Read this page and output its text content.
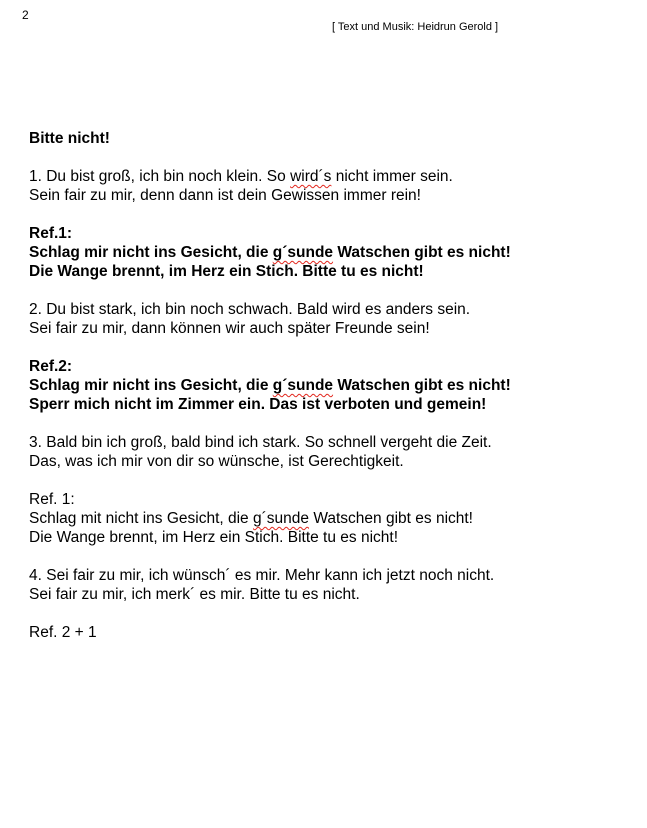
2
[ Text und Musik: Heidrun Gerold ]
Bitte nicht!
1. Du bist groß, ich bin noch klein. So wird´s nicht immer sein.
Sein fair zu mir, denn dann ist dein Gewissen immer rein!
Ref.1:
Schlag mir nicht ins Gesicht, die g´sunde Watschen gibt es nicht!
Die Wange brennt, im Herz ein Stich. Bitte tu es nicht!
2. Du bist stark, ich bin noch schwach. Bald wird es anders sein.
Sei fair zu mir, dann können wir auch später Freunde sein!
Ref.2:
Schlag mir nicht ins Gesicht, die g´sunde Watschen gibt es nicht!
Sperr mich nicht im Zimmer ein. Das ist verboten und gemein!
3. Bald bin ich groß, bald bind ich stark. So schnell vergeht die Zeit.
Das, was ich mir von dir so wünsche, ist Gerechtigkeit.
Ref. 1:
Schlag mit nicht ins Gesicht, die g´sunde Watschen gibt es nicht!
Die Wange brennt, im Herz ein Stich. Bitte tu es nicht!
4. Sei fair zu mir, ich wünsch´ es mir. Mehr kann ich jetzt noch nicht.
Sei fair zu mir, ich merk´ es mir. Bitte tu es nicht.
Ref. 2 + 1
